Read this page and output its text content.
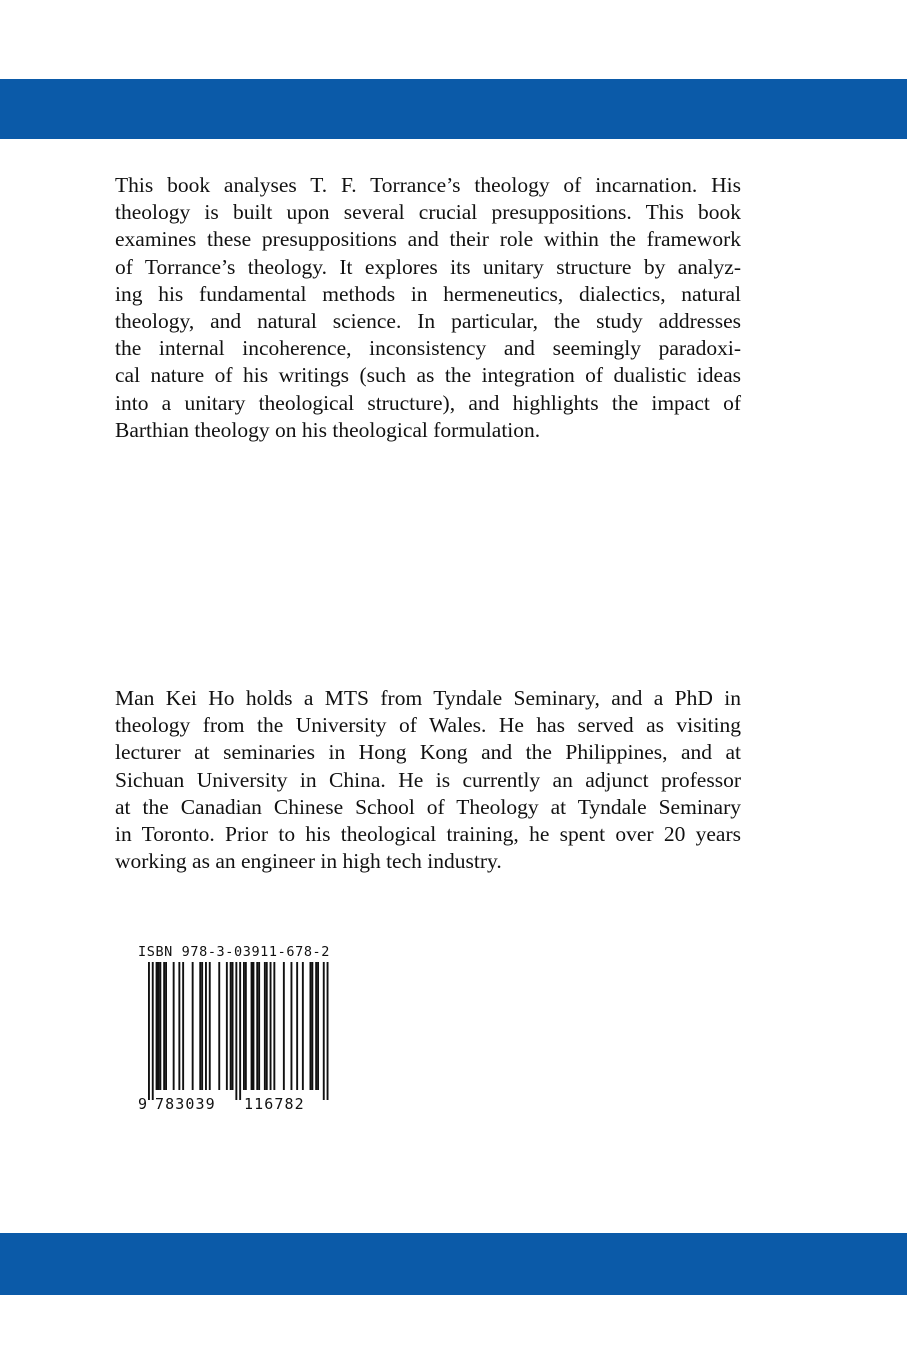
This book analyses T. F. Torrance’s theology of incarnation. His
theology is built upon several crucial presuppositions. This book
examines these presuppositions and their role within the framework
of Torrance’s theology. It explores its unitary structure by analyz-
ing his fundamental methods in hermeneutics, dialectics, natural
theology, and natural science. In particular, the study addresses
the internal incoherence, inconsistency and seemingly paradoxi-
cal nature of his writings (such as the integration of dualistic ideas
into a unitary theological structure), and highlights the impact of
Barthian theology on his theological formulation.
Man Kei Ho holds a MTS from Tyndale Seminary, and a PhD in
theology from the University of Wales. He has served as visiting
lecturer at seminaries in Hong Kong and the Philippines, and at
Sichuan University in China. He is currently an adjunct professor
at the Canadian Chinese School of Theology at Tyndale Seminary
in Toronto. Prior to his theological training, he spent over 20 years
working as an engineer in high tech industry.
ISBN 978-3-03911-678-2
9 783039 116782
